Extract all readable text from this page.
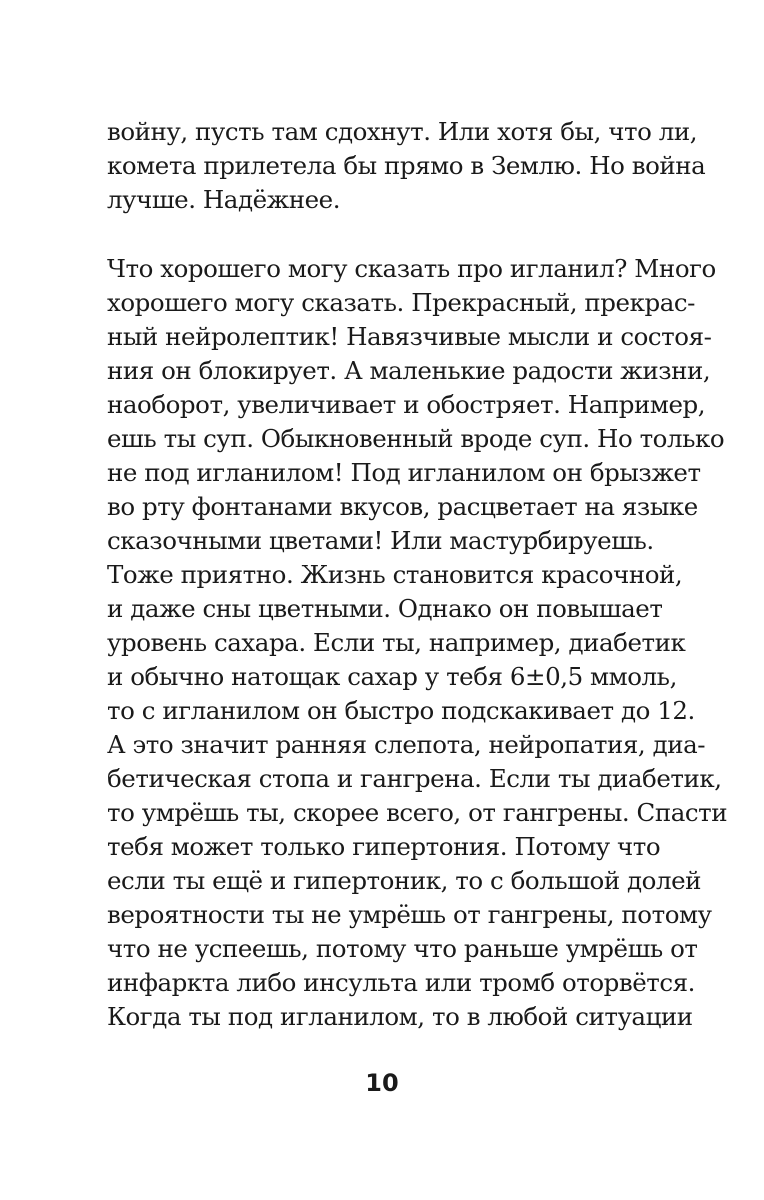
войну, пусть там сдохнут. Или хотя бы, что ли,
комета прилетела бы прямо в Землю. Но война
лучше. Надёжнее.
Что хорошего могу сказать про игланил? Много
хорошего могу сказать. Прекрасный, прекрас-
ный нейролептик! Навязчивые мысли и состоя-
ния он блокирует. А маленькие радости жизни,
наоборот, увеличивает и обостряет. Например,
ешь ты суп. Обыкновенный вроде суп. Но только
не под игланилом! Под игланилом он брызжет
во рту фонтанами вкусов, расцветает на языке
сказочными цветами! Или мастурбируешь.
Тоже приятно. Жизнь становится красочной,
и даже сны цветными. Однако он повышает
уровень сахара. Если ты, например, диабетик
и обычно натощак сахар у тебя 6±0,5 ммоль,
то с игланилом он быстро подскакивает до 12.
А это значит ранняя слепота, нейропатия, диа-
бетическая стопа и гангрена. Если ты диабетик,
то умрёшь ты, скорее всего, от гангрены. Спасти
тебя может только гипертония. Потому что
если ты ещё и гипертоник, то с большой долей
вероятности ты не умрёшь от гангрены, потому
что не успеешь, потому что раньше умрёшь от
инфаркта либо инсульта или тромб оторвётся.
Когда ты под игланилом, то в любой ситуации
10
